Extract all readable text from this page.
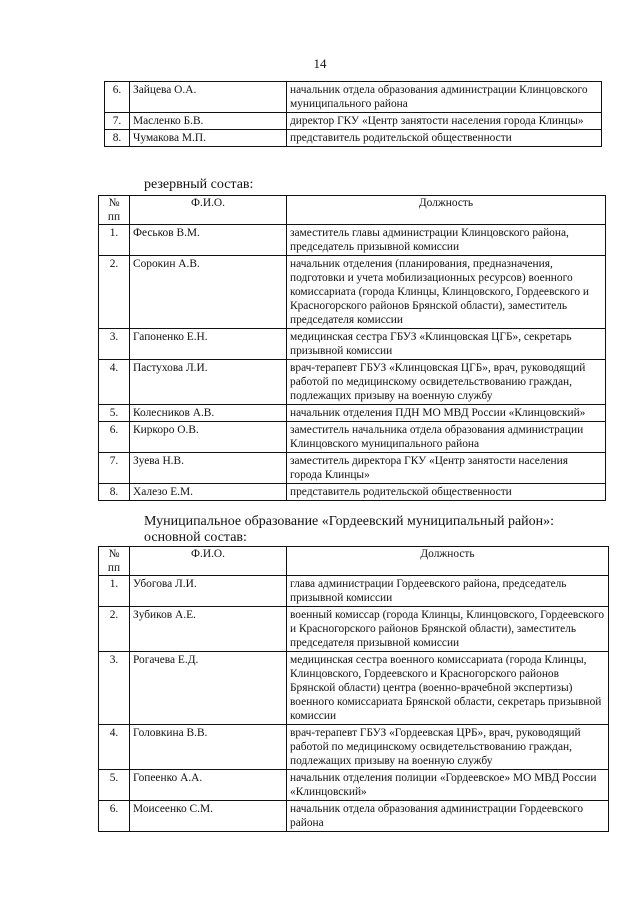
14
6.	Зайцева О.А.	начальник отдела образования администрации Клинцовского муниципального района
7.	Масленко Б.В.	директор ГКУ «Центр занятости населения города Клинцы»
8.	Чумакова М.П.	представитель родительской общественности
резервный состав:
№ пп	Ф.И.О.	Должность
1.	Феськов В.М.	заместитель главы администрации Клинцовского района, председатель призывной комиссии
2.	Сорокин А.В.	начальник отделения (планирования, предназначения, подготовки и учета мобилизационных ресурсов) военного комиссариата (города Клинцы, Клинцовского, Гордеевского и Красногорского районов Брянской области), заместитель председателя комиссии
3.	Гапоненко Е.Н.	медицинская сестра ГБУЗ «Клинцовская ЦГБ», секретарь призывной комиссии
4.	Пастухова Л.И.	врач-терапевт ГБУЗ «Клинцовская ЦГБ», врач, руководящий работой по медицинскому освидетельствованию граждан, подлежащих призыву на военную службу
5.	Колесников А.В.	начальник отделения ПДН МО МВД России «Клинцовский»
6.	Киркоро О.В.	заместитель начальника отдела образования администрации Клинцовского муниципального района
7.	Зуева Н.В.	заместитель директора ГКУ «Центр занятости населения города Клинцы»
8.	Халезо Е.М.	представитель родительской общественности
Муниципальное образование «Гордеевский муниципальный район»:
основной состав:
№ пп	Ф.И.О.	Должность
1.	Убогова Л.И.	глава администрации Гордеевского района, председатель призывной комиссии
2.	Зубиков А.Е.	военный комиссар (города Клинцы, Клинцовского, Гордеевского и Красногорского районов Брянской области), заместитель председателя призывной комиссии
3.	Рогачева Е.Д.	медицинская сестра военного комиссариата (города Клинцы, Клинцовского, Гордеевского и Красногорского районов Брянской области) центра (военно-врачебной экспертизы) военного комиссариата Брянской области, секретарь призывной комиссии
4.	Головкина В.В.	врач-терапевт ГБУЗ «Гордеевская ЦРБ», врач, руководящий работой по медицинскому освидетельствованию граждан, подлежащих призыву на военную службу
5.	Гопеенко А.А.	начальник отделения полиции «Гордеевское» МО МВД России «Клинцовский»
6.	Моисеенко С.М.	начальник отдела образования администрации Гордеевского района
